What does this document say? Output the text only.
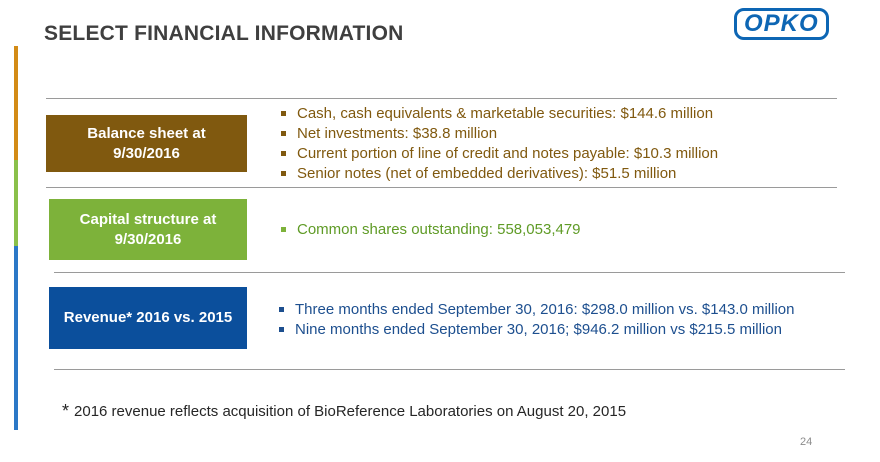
SELECT FINANCIAL INFORMATION	OPKO
Balance sheet at 9/30/2016
Cash, cash equivalents & marketable securities: $144.6 million
Net investments: $38.8 million
Current portion of line of credit and notes payable: $10.3 million
Senior notes (net of embedded derivatives): $51.5 million
Capital structure at 9/30/2016
Common shares outstanding: 558,053,479
Revenue* 2016 vs. 2015	Three months ended September 30, 2016: $298.0 million vs. $143.0 million
Nine months ended September 30, 2016; $946.2 million vs $215.5 million
* 2016 revenue reflects acquisition of BioReference Laboratories on August 20, 2015
24
